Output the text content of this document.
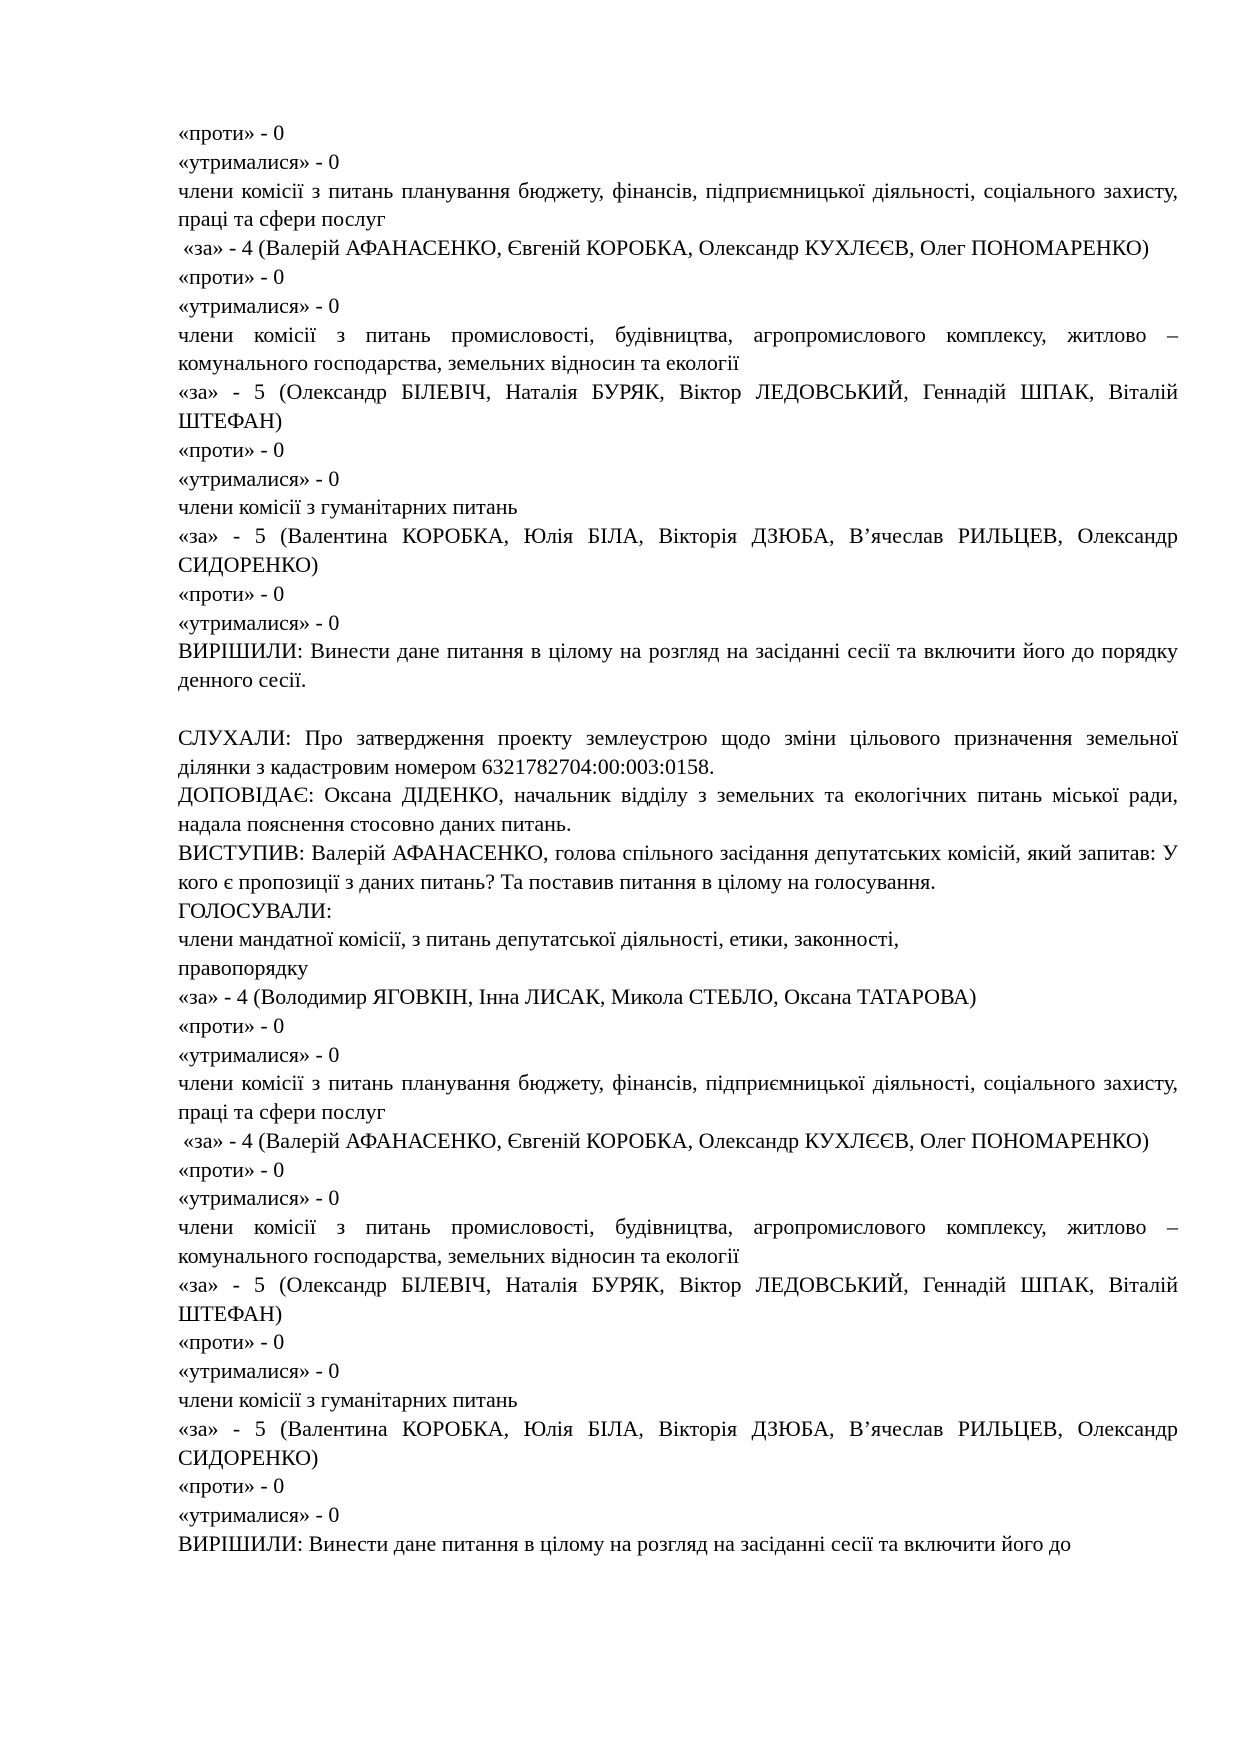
«проти» - 0

«утрималися» - 0

члени комісії з питань планування бюджету, фінансів, підприємницької діяльності, соціального захисту, праці та сфери послуг

«за» - 4 (Валерій АФАНАСЕНКО, Євгеній КОРОБКА, Олександр КУХЛЄЄВ, Олег ПОНОМАРЕНКО)

«проти» - 0

«утрималися» - 0

члени комісії з питань промисловості, будівництва, агропромислового комплексу, житлово – комунального господарства, земельних відносин та екології

«за» - 5 (Олександр БІЛЕВІЧ, Наталія БУРЯК, Віктор ЛЕДОВСЬКИЙ, Геннадій ШПАК, Віталій ШТЕФАН)

«проти» - 0

«утрималися» - 0

члени комісії з гуманітарних питань

«за» - 5 (Валентина КОРОБКА, Юлія БІЛА, Вікторія ДЗЮБА, В’ячеслав РИЛЬЦЕВ, Олександр СИДОРЕНКО)

«проти» - 0

«утрималися» - 0

ВИРІШИЛИ: Винести дане питання в цілому на розгляд на засіданні сесії та включити його до порядку денного сесії.

СЛУХАЛИ: Про затвердження проекту землеустрою щодо зміни цільового призначення земельної ділянки з кадастровим номером 6321782704:00:003:0158.

ДОПОВІДАЄ: Оксана ДІДЕНКО, начальник відділу з земельних та екологічних питань міської ради, надала пояснення стосовно даних питань.

ВИСТУПИВ: Валерій АФАНАСЕНКО, голова спільного засідання депутатських комісій, який запитав: У кого є пропозиції з даних питань? Та поставив питання в цілому на голосування.

ГОЛОСУВАЛИ:

члени мандатної комісії, з питань депутатської діяльності, етики, законності,

правопорядку

«за» - 4 (Володимир ЯГОВКІН, Інна ЛИСАК, Микола СТЕБЛО, Оксана ТАТАРОВА)

«проти» - 0

«утрималися» - 0

члени комісії з питань планування бюджету, фінансів, підприємницької діяльності, соціального захисту, праці та сфери послуг

«за» - 4 (Валерій АФАНАСЕНКО, Євгеній КОРОБКА, Олександр КУХЛЄЄВ, Олег ПОНОМАРЕНКО)

«проти» - 0

«утрималися» - 0

члени комісії з питань промисловості, будівництва, агропромислового комплексу, житлово – комунального господарства, земельних відносин та екології

«за» - 5 (Олександр БІЛЕВІЧ, Наталія БУРЯК, Віктор ЛЕДОВСЬКИЙ, Геннадій ШПАК, Віталій ШТЕФАН)

«проти» - 0

«утрималися» - 0

члени комісії з гуманітарних питань

«за» - 5 (Валентина КОРОБКА, Юлія БІЛА, Вікторія ДЗЮБА, В’ячеслав РИЛЬЦЕВ, Олександр СИДОРЕНКО)

«проти» - 0

«утрималися» - 0

ВИРІШИЛИ: Винести дане питання в цілому на розгляд на засіданні сесії та включити його до
